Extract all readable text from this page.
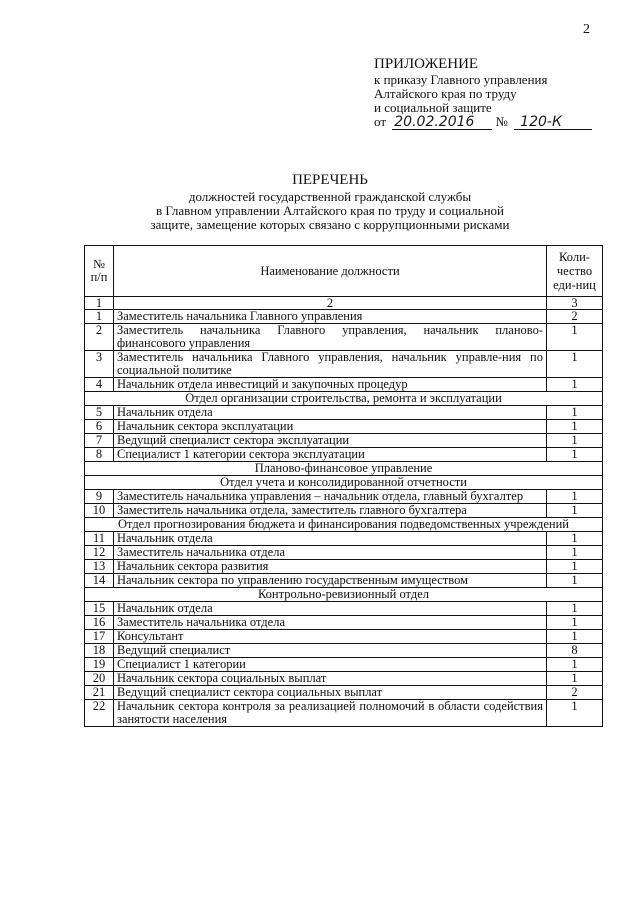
2
ПРИЛОЖЕНИЕ
к приказу Главного управления
Алтайского края по труду
и социальной защите
от 20.02.2016 № 120-К
ПЕРЕЧЕНЬ
должностей государственной гражданской службы
в Главном управлении Алтайского края по труду и социальной
защите, замещение которых связано с коррупционными рисками
№ п/п	Наименование должности	Коли-чество еди-ниц
1	2	3
1	Заместитель начальника Главного управления	2
2	Заместитель начальника Главного управления, начальник планово-финансового управления	1
3	Заместитель начальника Главного управления, начальник управле-ния по социальной политике	1
4	Начальник отдела инвестиций и закупочных процедур	1
Отдел организации строительства, ремонта и эксплуатации		
5	Начальник отдела	1
6	Начальник сектора эксплуатации	1
7	Ведущий специалист сектора эксплуатации	1
8	Специалист 1 категории сектора эксплуатации	1
Планово-финансовое управление		
Отдел учета и консолидированной отчетности		
9	Заместитель начальника управления – начальник отдела, главный бухгалтер	1
10	Заместитель начальника отдела, заместитель главного бухгалтера	1
Отдел прогнозирования бюджета и финансирования подведомственных учреждений		
11	Начальник отдела	1
12	Заместитель начальника отдела	1
13	Начальник сектора развития	1
14	Начальник сектора по управлению государственным имуществом	1
Контрольно-ревизионный отдел		
15	Начальник отдела	1
16	Заместитель начальника отдела	1
17	Консультант	1
18	Ведущий специалист	8
19	Специалист 1 категории	1
20	Начальник сектора социальных выплат	1
21	Ведущий специалист сектора социальных выплат	2
22	Начальник сектора контроля за реализацией полномочий в области содействия занятости населения	1
